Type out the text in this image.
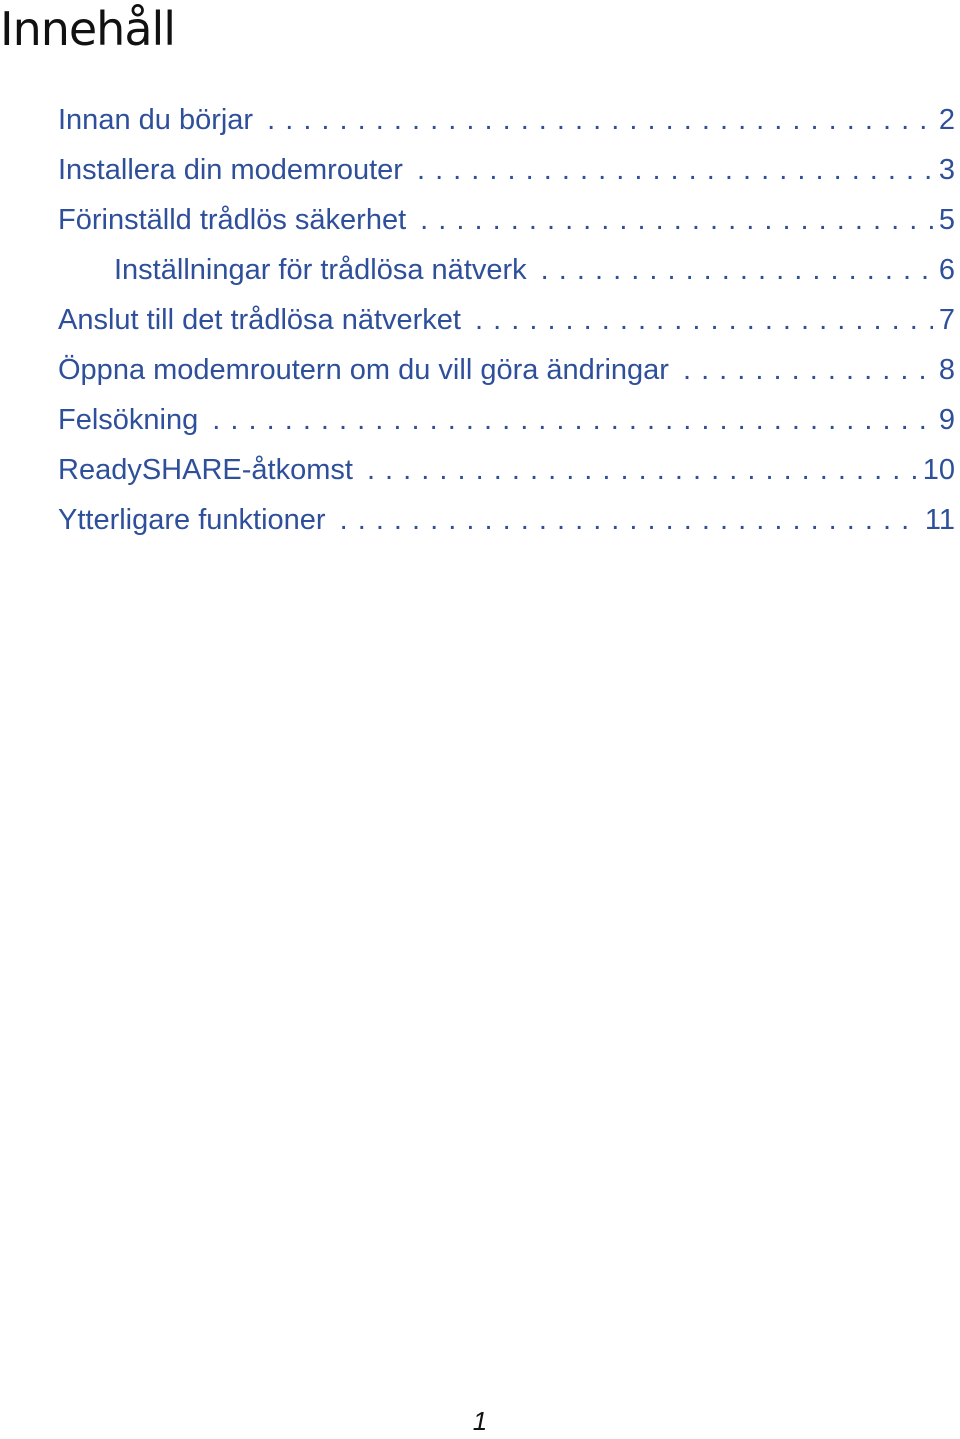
Innehåll
Innan du börjar . . .	2
Installera din modemrouter . . .	3
Förinställd trådlös säkerhet . . .	5
Inställningar för trådlösa nätverk . . .	6
Anslut till det trådlösa nätverket . . .	7
Öppna modemroutern om du vill göra ändringar . . .	8
Felsökning . . .	9
ReadySHARE-åtkomst . . .	10
Ytterligare funktioner . . .	11
1
